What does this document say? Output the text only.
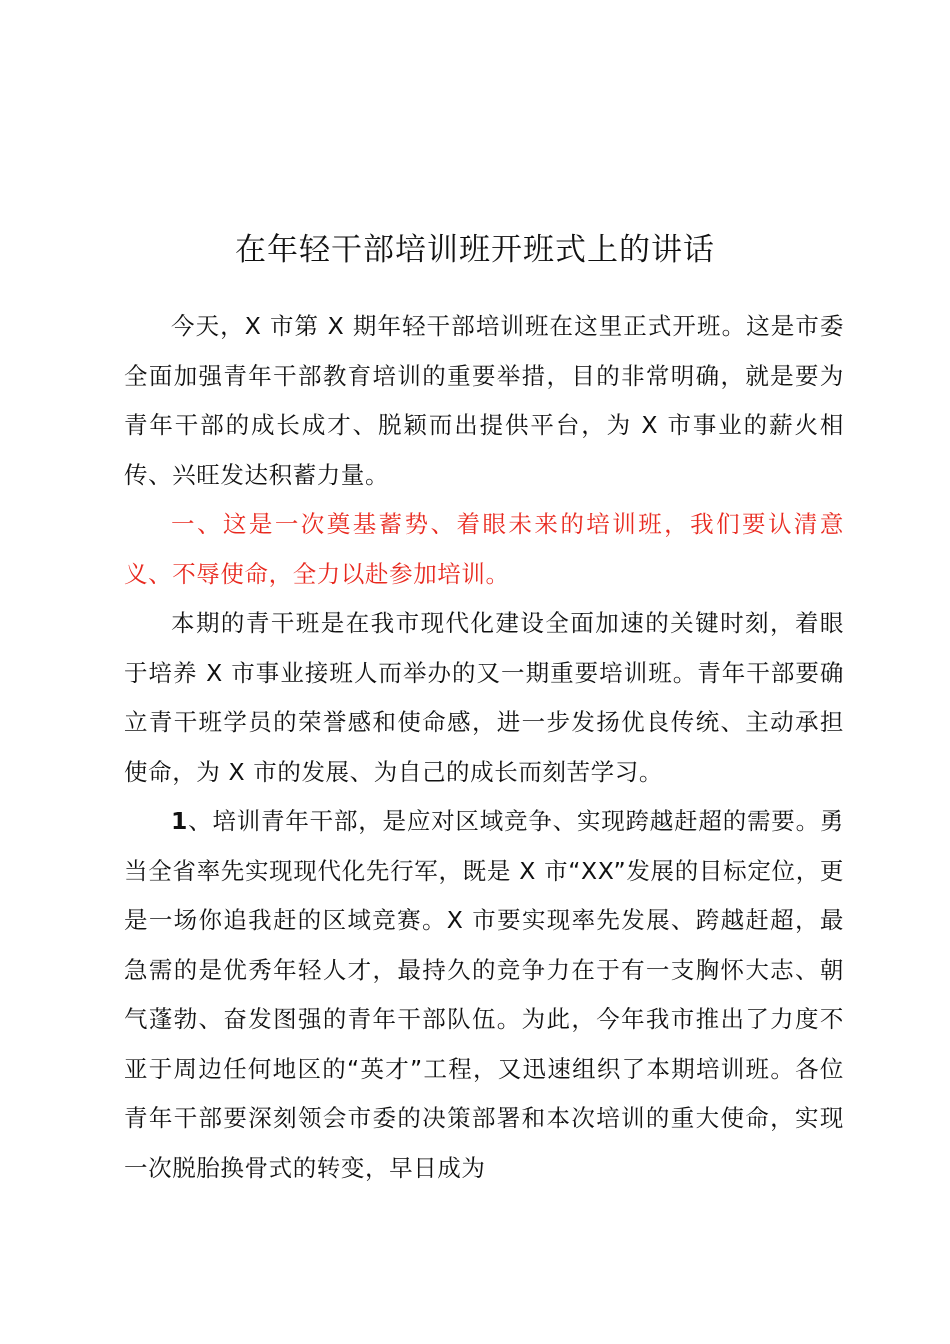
在年轻干部培训班开班式上的讲话

今天，X 市第 X 期年轻干部培训班在这里正式开班。这是市委全面加强青年干部教育培训的重要举措，目的非常明确，就是要为青年干部的成长成才、脱颖而出提供平台，为 X 市事业的薪火相传、兴旺发达积蓄力量。

一、这是一次奠基蓄势、着眼未来的培训班，我们要认清意义、不辱使命，全力以赴参加培训。

本期的青干班是在我市现代化建设全面加速的关键时刻，着眼于培养 X 市事业接班人而举办的又一期重要培训班。青年干部要确立青干班学员的荣誉感和使命感，进一步发扬优良传统、主动承担使命，为 X 市的发展、为自己的成长而刻苦学习。

1、培训青年干部，是应对区域竞争、实现跨越赶超的需要。勇当全省率先实现现代化先行军，既是 X 市“XX”发展的目标定位，更是一场你追我赶的区域竞赛。X 市要实现率先发展、跨越赶超，最急需的是优秀年轻人才，最持久的竞争力在于有一支胸怀大志、朝气蓬勃、奋发图强的青年干部队伍。为此，今年我市推出了力度不亚于周边任何地区的“英才”工程，又迅速组织了本期培训班。各位青年干部要深刻领会市委的决策部署和本次培训的重大使命，实现一次脱胎换骨式的转变，早日成为
